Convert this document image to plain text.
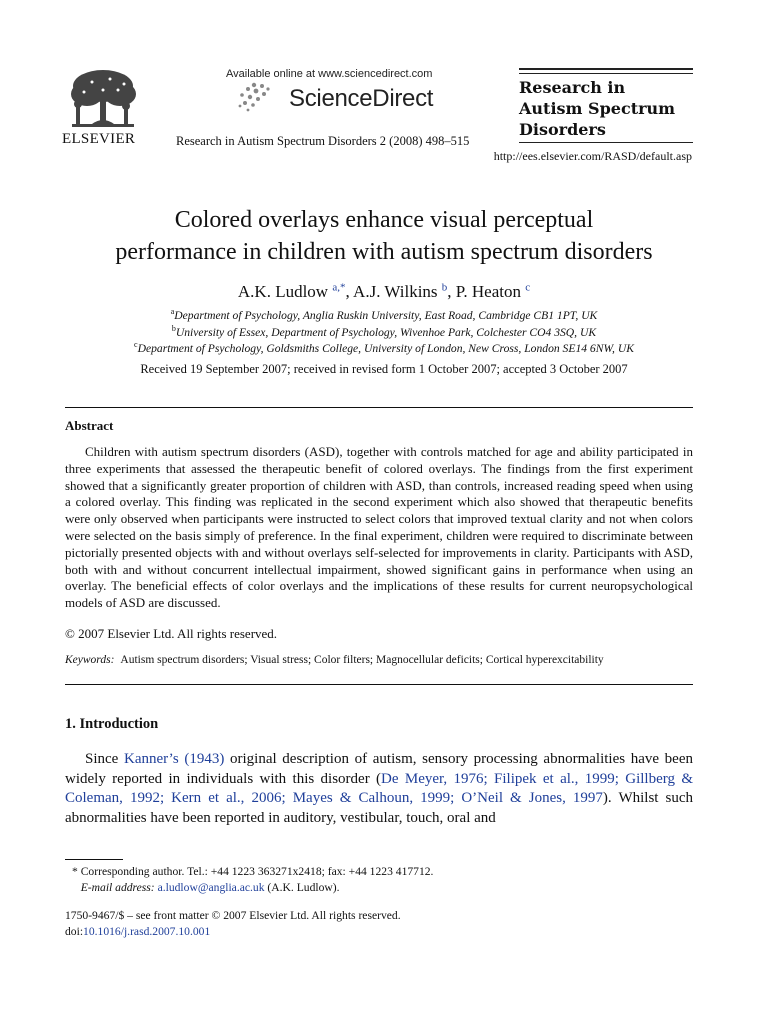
ELSEVIER
Available online at www.sciencedirect.com
ScienceDirect
Research in Autism Spectrum Disorders 2 (2008) 498–515
Research in
Autism Spectrum
Disorders
http://ees.elsevier.com/RASD/default.asp
Colored overlays enhance visual perceptual
performance in children with autism spectrum disorders
A.K. Ludlow $^{a,*}$, A.J. Wilkins $^b$, P. Heaton $^c$
$^a$Department of Psychology, Anglia Ruskin University, East Road, Cambridge CB1 1PT, UK
$^b$University of Essex, Department of Psychology, Wivenhoe Park, Colchester CO4 3SQ, UK
$^c$Department of Psychology, Goldsmiths College, University of London, New Cross, London SE14 6NW, UK
Received 19 September 2007; received in revised form 1 October 2007; accepted 3 October 2007
Abstract
Children with autism spectrum disorders (ASD), together with controls matched for age and ability participated in three experiments that assessed the therapeutic benefit of colored overlays. The findings from the first experiment showed that a significantly greater proportion of children with ASD, than controls, increased reading speed when using a colored overlay. This finding was replicated in the second experiment which also showed that therapeutic benefits were only observed when participants were instructed to select colors that improved textual clarity and not when colors were selected on the basis simply of preference. In the final experiment, children were required to discriminate between pictorially presented objects with and without overlays self-selected for improvements in clarity. Participants with ASD, both with and without concurrent intellectual impairment, showed significant gains in performance when using an overlay. The beneficial effects of color overlays and the implications of these results for current neuropsychological models of ASD are discussed.
© 2007 Elsevier Ltd. All rights reserved.
Keywords: Autism spectrum disorders; Visual stress; Color filters; Magnocellular deficits; Cortical hyperexcitability
1. Introduction
Since Kanner’s (1943) original description of autism, sensory processing abnormalities have been widely reported in individuals with this disorder (De Meyer, 1976; Filipek et al., 1999; Gillberg & Coleman, 1992; Kern et al., 2006; Mayes & Calhoun, 1999; O’Neil & Jones, 1997). Whilst such abnormalities have been reported in auditory, vestibular, touch, oral and
* Corresponding author. Tel.: +44 1223 363271x2418; fax: +44 1223 417712.
E-mail address: a.ludlow@anglia.ac.uk (A.K. Ludlow).
1750-9467/$ – see front matter © 2007 Elsevier Ltd. All rights reserved.
doi:10.1016/j.rasd.2007.10.001
